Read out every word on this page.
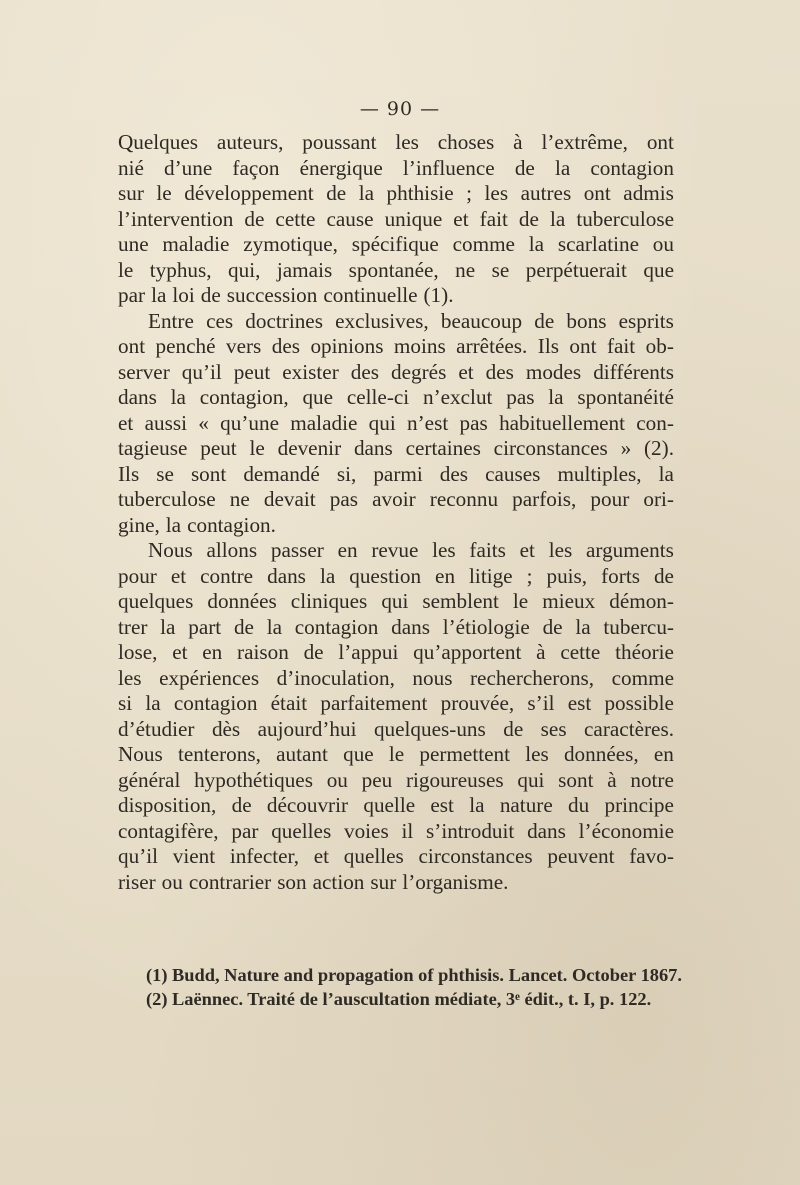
— 90 —
Quelques auteurs, poussant les choses à l’extrême, ont
nié d’une façon énergique l’influence de la contagion
sur le développement de la phthisie ; les autres ont admis
l’intervention de cette cause unique et fait de la tuberculose
une maladie zymotique, spécifique comme la scarlatine ou
le typhus, qui, jamais spontanée, ne se perpétuerait que
par la loi de succession continuelle (1).
Entre ces doctrines exclusives, beaucoup de bons esprits
ont penché vers des opinions moins arrêtées. Ils ont fait ob-
server qu’il peut exister des degrés et des modes différents
dans la contagion, que celle-ci n’exclut pas la spontanéité
et aussi « qu’une maladie qui n’est pas habituellement con-
tagieuse peut le devenir dans certaines circonstances » (2).
Ils se sont demandé si, parmi des causes multiples, la
tuberculose ne devait pas avoir reconnu parfois, pour ori-
gine, la contagion.
Nous allons passer en revue les faits et les arguments
pour et contre dans la question en litige ; puis, forts de
quelques données cliniques qui semblent le mieux démon-
trer la part de la contagion dans l’étiologie de la tubercu-
lose, et en raison de l’appui qu’apportent à cette théorie
les expériences d’inoculation, nous rechercherons, comme
si la contagion était parfaitement prouvée, s’il est possible
d’étudier dès aujourd’hui quelques-uns de ses caractères.
Nous tenterons, autant que le permettent les données, en
général hypothétiques ou peu rigoureuses qui sont à notre
disposition, de découvrir quelle est la nature du principe
contagifère, par quelles voies il s’introduit dans l’économie
qu’il vient infecter, et quelles circonstances peuvent favo-
riser ou contrarier son action sur l’organisme.
(1) Budd, Nature and propagation of phthisis. Lancet. October 1867.
(2) Laënnec. Traité de l’auscultation médiate, 3ᵉ édit., t. I, p. 122.
